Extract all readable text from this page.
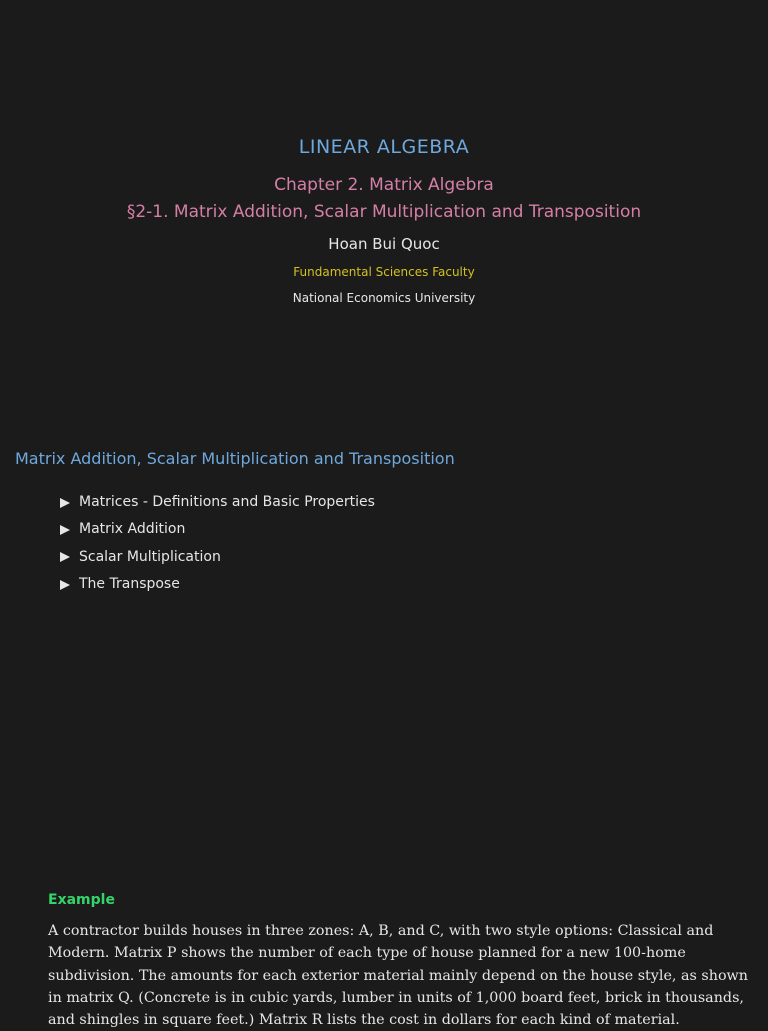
LINEAR ALGEBRA
Chapter 2. Matrix Algebra
§2-1. Matrix Addition, Scalar Multiplication and Transposition
Hoan Bui Quoc
Fundamental Sciences Faculty
National Economics University
Matrix Addition, Scalar Multiplication and Transposition
Matrices - Definitions and Basic Properties
Matrix Addition
Scalar Multiplication
The Transpose
Example
A contractor builds houses in three zones: A, B, and C, with two style options: Classical and
Modern. Matrix P shows the number of each type of house planned for a new 100-home
subdivision. The amounts for each exterior material mainly depend on the house style, as shown
in matrix Q. (Concrete is in cubic yards, lumber in units of 1,000 board feet, brick in thousands,
and shingles in square feet.) Matrix R lists the cost in dollars for each kind of material.
